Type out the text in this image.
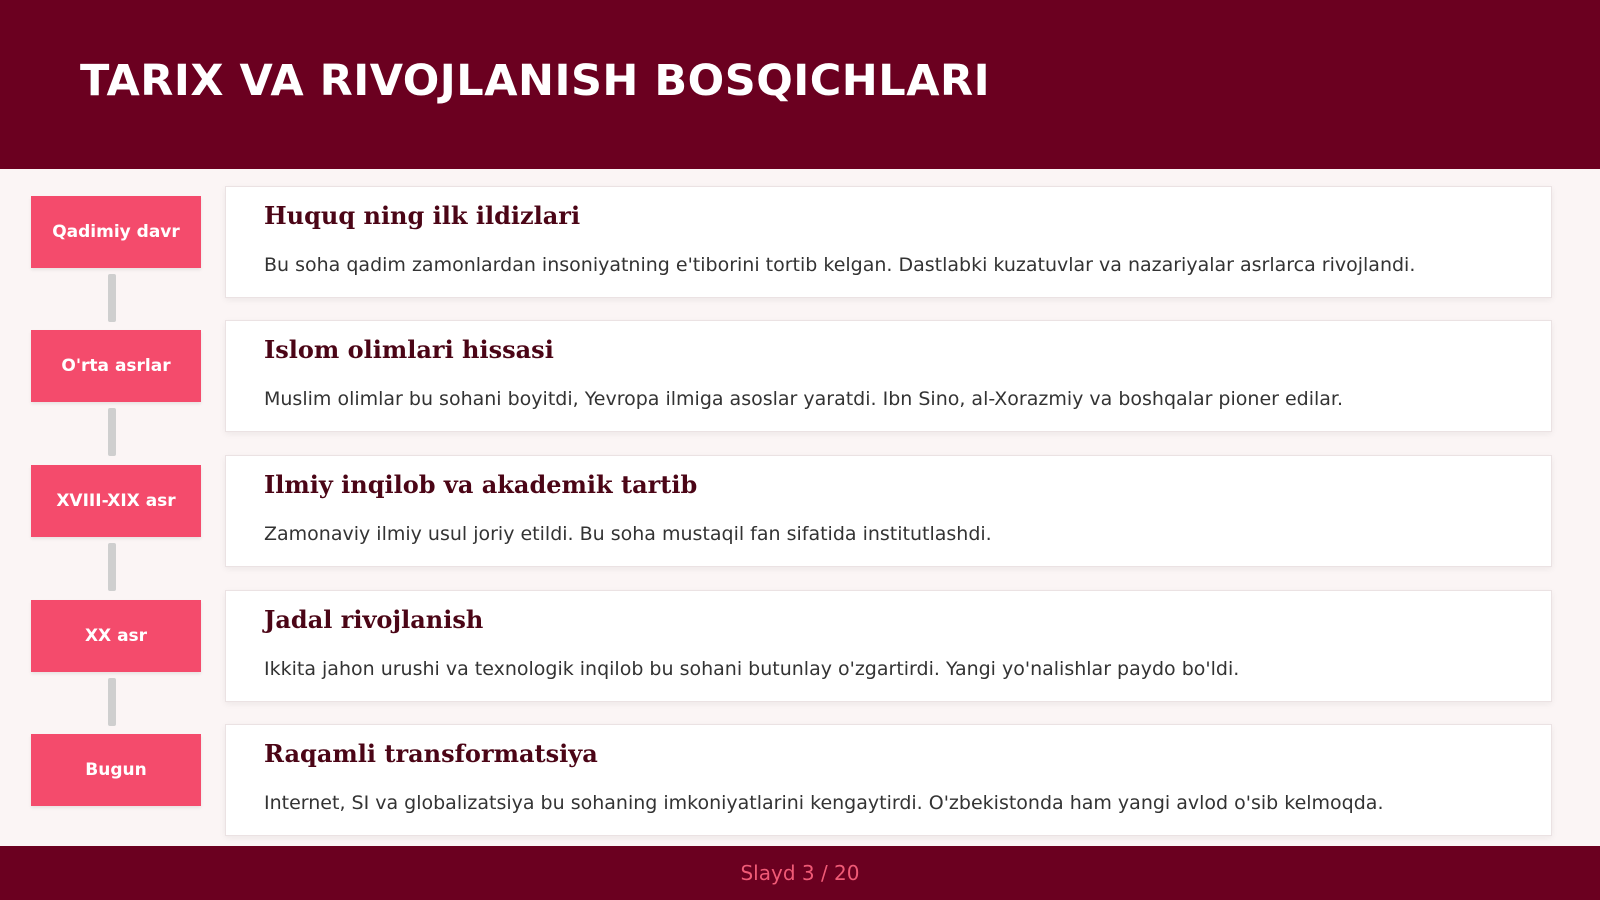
TARIX VA RIVOJLANISH BOSQICHLARI
Qadimiy davr
Huquq ning ilk ildizlari

Bu soha qadim zamonlardan insoniyatning e'tiborini tortib kelgan. Dastlabki kuzatuvlar va nazariyalar asrlarca rivojlandi.

O'rta asrlar
Islom olimlari hissasi

Muslim olimlar bu sohani boyitdi, Yevropa ilmiga asoslar yaratdi. Ibn Sino, al-Xorazmiy va boshqalar pioner edilar.

XVIII-XIX asr
Ilmiy inqilob va akademik tartib

Zamonaviy ilmiy usul joriy etildi. Bu soha mustaqil fan sifatida institutlashdi.

XX asr
Jadal rivojlanish

Ikkita jahon urushi va texnologik inqilob bu sohani butunlay o'zgartirdi. Yangi yo'nalishlar paydo bo'ldi.

Bugun
Raqamli transformatsiya

Internet, SI va globalizatsiya bu sohaning imkoniyatlarini kengaytirdi. O'zbekistonda ham yangi avlod o'sib kelmoqda.

Slayd 3 / 20
